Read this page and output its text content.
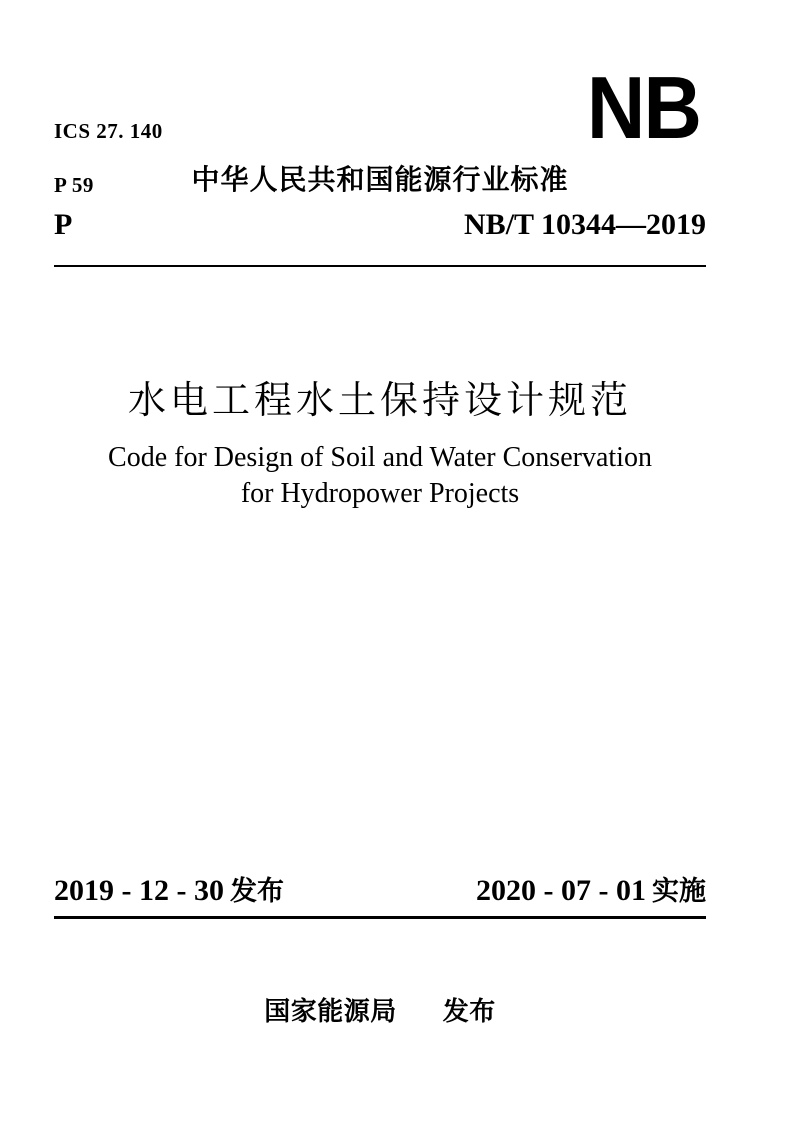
ICS 27. 140

P 59

NB
中华人民共和国能源行业标准
P	NB/T 10344—2019
水电工程水土保持设计规范
Code for Design of Soil and Water Conservation
for Hydropower Projects
2019 - 12 - 30 发布	2020 - 07 - 01 实施
国家能源局 发布
